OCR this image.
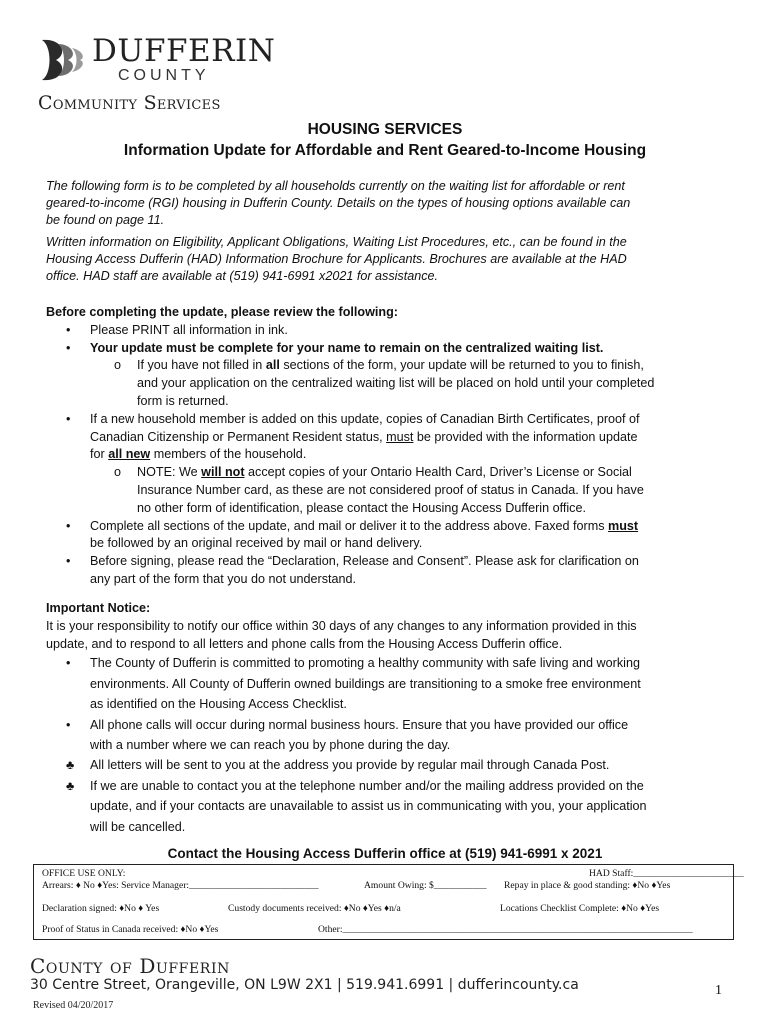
DUFFERIN
COUNTY
Community Services
HOUSING SERVICES
Information Update for Affordable and Rent Geared-to-Income Housing
The following form is to be completed by all households currently on the waiting list for affordable or rent
geared-to-income (RGI) housing in Dufferin County. Details on the types of housing options available can
be found on page 11.
Written information on Eligibility, Applicant Obligations, Waiting List Procedures, etc., can be found in the
Housing Access Dufferin (HAD) Information Brochure for Applicants. Brochures are available at the HAD
office. HAD staff are available at (519) 941-6991 x2021 for assistance.
Before completing the update, please review the following:
• Please PRINT all information in ink.
• Your update must be complete for your name to remain on the centralized waiting list.
o If you have not filled in all sections of the form, your update will be returned to you to finish,
and your application on the centralized waiting list will be placed on hold until your completed
form is returned.
• If a new household member is added on this update, copies of Canadian Birth Certificates, proof of
Canadian Citizenship or Permanent Resident status, must be provided with the information update
for all new members of the household.
o NOTE: We will not accept copies of your Ontario Health Card, Driver’s License or Social
Insurance Number card, as these are not considered proof of status in Canada. If you have
no other form of identification, please contact the Housing Access Dufferin office.
• Complete all sections of the update, and mail or deliver it to the address above. Faxed forms must
be followed by an original received by mail or hand delivery.
• Before signing, please read the “Declaration, Release and Consent”. Please ask for clarification on
any part of the form that you do not understand.
Important Notice:
It is your responsibility to notify our office within 30 days of any changes to any information provided in this
update, and to respond to all letters and phone calls from the Housing Access Dufferin office.
• The County of Dufferin is committed to promoting a healthy community with safe living and working
environments. All County of Dufferin owned buildings are transitioning to a smoke free environment
as identified on the Housing Access Checklist.
• All phone calls will occur during normal business hours. Ensure that you have provided our office
with a number where we can reach you by phone during the day.
♣ All letters will be sent to you at the address you provide by regular mail through Canada Post.
♣ If we are unable to contact you at the telephone number and/or the mailing address provided on the
update, and if your contacts are unavailable to assist us in communicating with you, your application
will be cancelled.
Contact the Housing Access Dufferin office at (519) 941-6991 x 2021
OFFICE USE ONLY:	HAD Staff:_______________________
Arrears: ♦ No ♦Yes: Service Manager:___________________________	Amount Owing: $___________ Repay in place & good standing: ♦No ♦Yes
Declaration signed: ♦No ♦ Yes	Custody documents received: ♦No ♦Yes ♦n/a	Locations Checklist Complete: ♦No ♦Yes
Proof of Status in Canada received: ♦No ♦Yes	Other:_________________________________________________________________________
County of Dufferin
30 Centre Street, Orangeville, ON L9W 2X1 | 519.941.6991 | dufferincounty.ca	1
Revised 04/20/2017
